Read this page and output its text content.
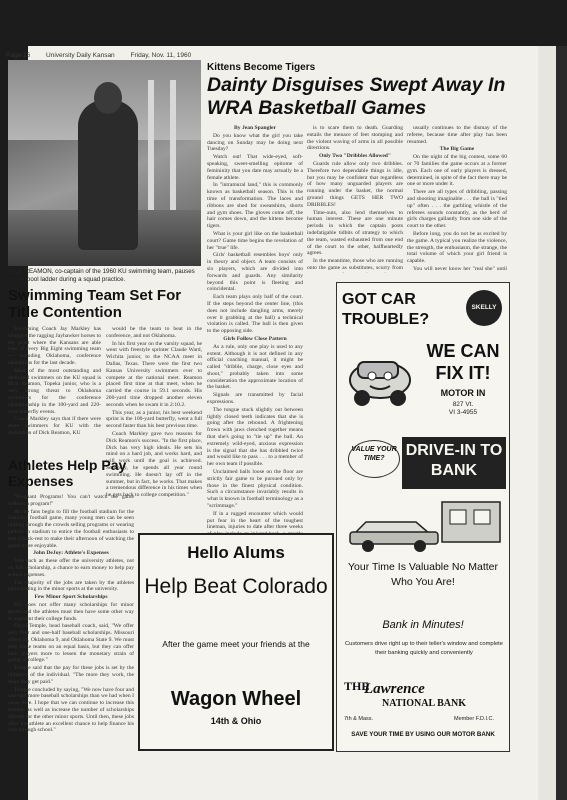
Page 16 University Daily Kansan Friday, Nov. 11, 1960
DICK REAMON, co-captain of the 1960 KU swimming team, pauses on the pool ladder during a squad practice.
Kittens Become Tigers
Dainty Disguises Swept Away In WRA Basketball Games

By Jean Spangler

Do you know what the girl you take dancing on Sunday may be doing next Tuesday?

Watch out! That wide-eyed, soft-speaking, sweet-smelling epitome of femininity that you date may actually be a female athlete.

In "intramural land," this is commonly known as basketball season. This is the time of transformation. The laces and ribbons are shed for sweatshirts, shorts and gym shoes. The gloves come off, the hair comes down, and the kittens become tigers.

What is your girl like on the basketball court? Game time begins the revelation of her "true" life.

Girls' basketball resembles boys' only in theory and object. A team consists of six players, which are divided into forwards and guards. Any similarity beyond this point is fleeting and coincidental.

Each team plays only half of the court. If the steps beyond the center line, (this does not include dangling arms, merely over it grabbing at the ball) a technical violation is called. The ball is then given to the opposing side.

Girls Follow Close Pattern

As a rule, only one play is used to any extent. Although it is not defined in any official coaching manual, it might be called "dribble, charge, close eyes and shoot," probably taken into some consideration the approximate location of the basket.

Signals are transmitted by facial expressions.

The tongue stuck slightly out between tightly closed teeth indicates that she is going after the rebound. A frightening frown with jaws clenched together means that she's going to "tie up" the ball. An extremely wild-eyed, anxious expression is the signal that she has dribbled twice and would like to pass . . . to a member of her own team if possible.

Unclaimed balls loose on the floor are strictly fair game to be pursued only by those in the finest physical condition. Such a circumstance invariably results in what is known in football terminology as a "scrimmage."

If in a rugged encounter which would put fear in the heart of the toughest lineman, injuries to date after three weeks

is to scare them to death. Guarding entails the menace of feet stomping and the violent waving of arms in all possible directions.

Only Two "Dribbles Allowed"

Guards rule allow only two dribbles. Therefore two dependable things is idle, but you may be confident that regardless of how many unguarded players are running under the basket, the normal ground things GETS HER TWO DRIBBLES!

Time-outs, also lend themselves to human interest. These are one minute periods in which the captain posts indefatigable tidbits of strategy to which the team, wasted exhausted from one end of the court to the other, halfheartedly agrees.

In the meantime, those who are running onto the game as substitutes, scurry from

usually continues to the dismay of the referee, because time after play has been resumed.

The Big Game

On the night of the big contest, some 60 or 70 families the game occurs at a former gym. Each one of early players is dressed, determined, in spite of the fact there may be one or more under it.

There are all types of dribbling, passing and shooting imaginable . . . the ball is "tied up" often . . . the garbling whistle of the referees sounds constantly, as the herd of girls charges gallantly from one side of the court to the other.

Before long, you do not be as excited by the game. A typical you realize the violence, the strength, the enthusiasm, the strange, the total volume of which your girl friend is capable.

You will never know her "real she" until

Swimming Team Set For Title Contention

Swimming Coach Jay Markley has whipped the ragging Jayhawker horses to the point where the Kansans are able foes of every Big Eight swimming team — including Oklahoma, conference champions for the last decade.

Most of the most outstanding and dedicated swimmers on the KU squad is Dick Reamon, Topeka junior, who is a very strong threat to Oklahoma swimmers for the conference championship in the 100-yard and 220-yard butterfly events.

Coach Markley says that if there were more swimmers for KU with the dedication of Dick Reamon, KU

would be the team to beat in the conference, and not Oklahoma.

In his first year on the varsity squad, he went with freestyle sprinter Claude Ward, Wichita junior, to the NCAA meet in Dallas, Texas. There were the first two Kansas University swimmers ever to compete at the national meet. Reamon placed first time at that meet, when he carried the course in 59.1 seconds. His 200-yard time dropped another eleven seconds when he swam it in 2:10.2.

This year, as a junior, his best weekend sprint is the 100-yard butterfly, went a full second faster than his best previous time.

Coach Markley gave two reasons for Dick Reamon's success. "In the first place, Dick has very high ideals. He sets his mind on a hard job, and works hard, and will work until the goal is achieved. Secondly, he spends all year round swimming. He doesn't lay off in the summer, but in fact, he works. That makes a tremendous difference in his times when he gets back to college competition."

Athletes Help Pay Expenses

"Pregnant Programs! You can't watch the game without a program!"

As the fans begin to fill the football stadium for the Saturday football game, many young men can be seen milling through the crowds selling programs or wearing jackets in stadium to entice the football enthusiasts to rent a back-rest to make their afternoon of watching the game more enjoyable.

John DeJoy: Athlete's Expenses

Jobs such as these offer the university athletes, not on full scholarship, a chance to earn money to help pay school expenses.

The majority of the jobs are taken by the athletes participating in the minor sports at the university.

Few Minor Sport Scholarships

KU does not offer many scholarships for minor sports and the athletes must then have some other way to augment their college funds.

Floyd Temple, head baseball coach, said, "We offer only four and one-half baseball scholarships. Missouri offers 11, Oklahoma 9, and Oklahoma State 9. We must play these teams on an equal basis, but they can offer their players more to lessen the monetary strain of going to college."

Temple said that the pay for these jobs is set by the initiative of the individual. "The more they work, the more they get paid."

Temple concluded by saying, "We now have four and one-half more baseball scholarships than we had when I came here. I hope that we can continue to increase this number as well as increase the number of scholarships offered for the other minor sports. Until then, these jobs offer the athlete an excellent chance to help finance his way through school."

Hello Alums
Help Beat Colorado
After the game meet your friends at the
Wagon Wheel
14th & Ohio
GOT CAR TROUBLE?
SKELLY
WE CAN FIX IT!
MOTOR IN
827 Vt.
VI 3-4955
VALUE YOUR TIME?	DRIVE-IN TO BANK
Your Time Is Valuable No Matter Who You Are!
Bank in Minutes!
Customers drive right up to their teller's window and complete their banking quickly and conveniently
THE
Lawrence
NATIONAL BANK
7th & Mass.	Member F.D.I.C.
SAVE YOUR TIME BY USING OUR MOTOR BANK
